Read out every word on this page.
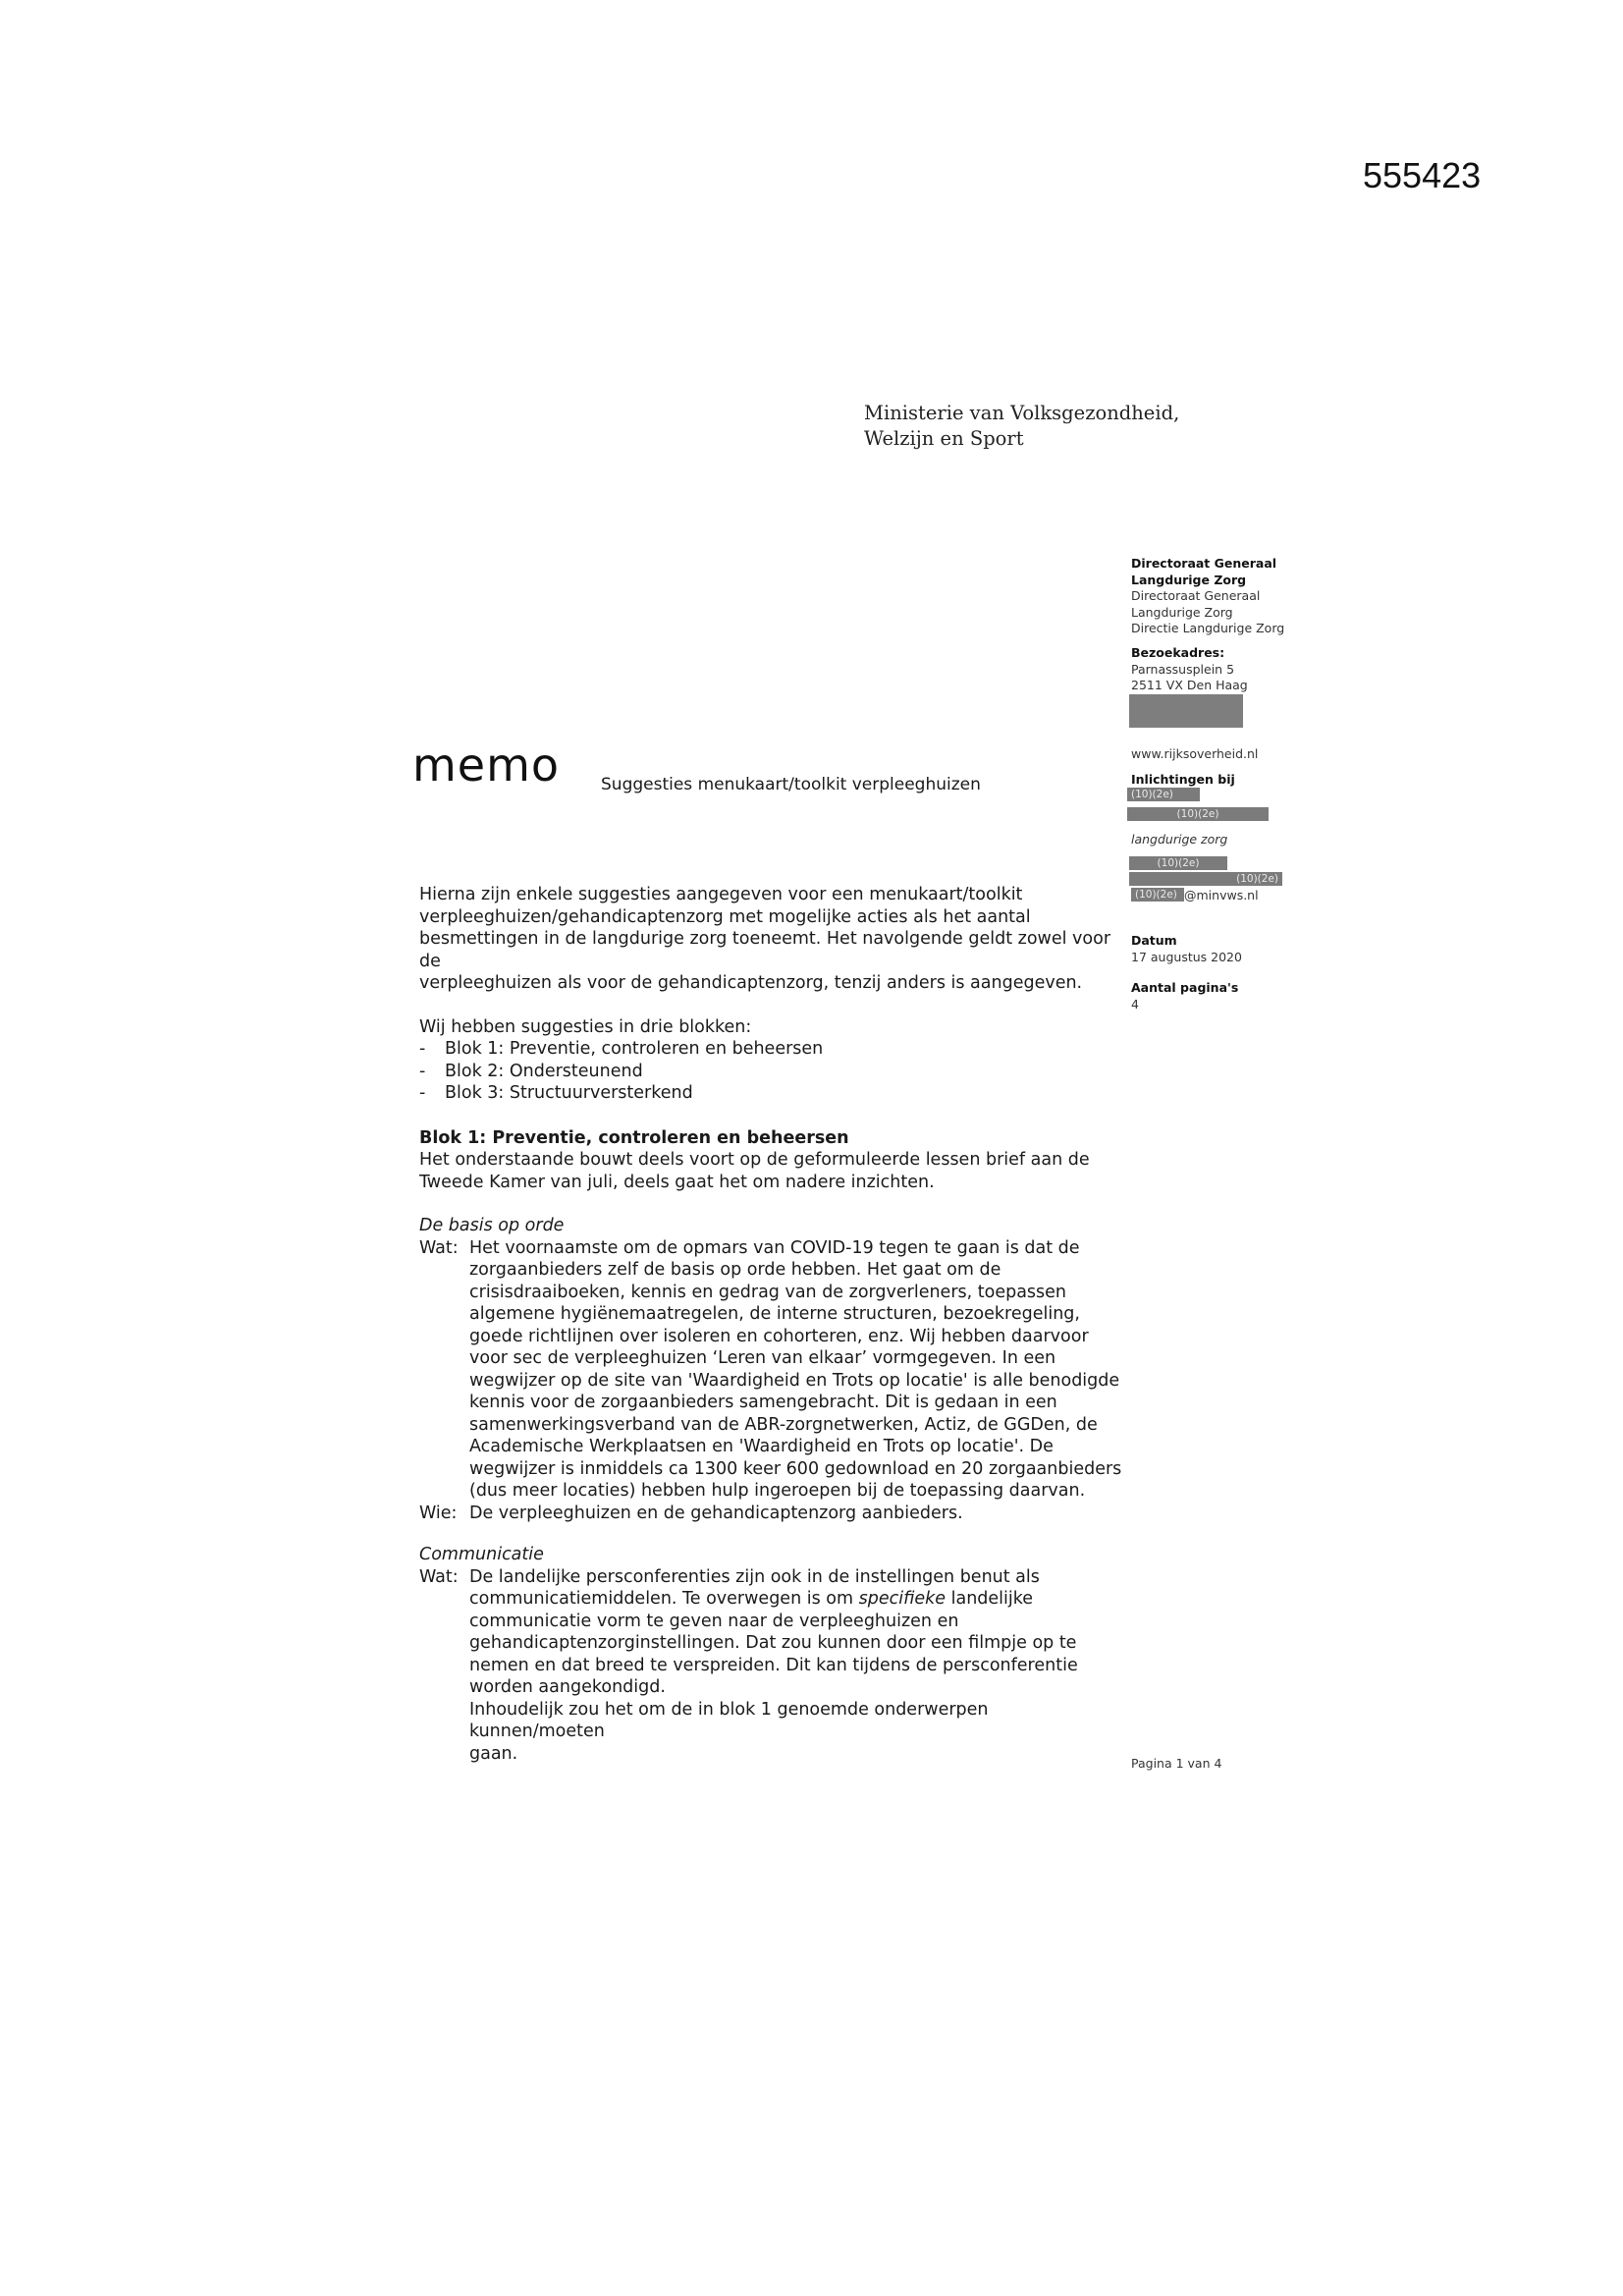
555423
Ministerie van Volksgezondheid,
Welzijn en Sport
Directoraat Generaal
Langdurige Zorg
Directoraat Generaal
Langdurige Zorg
Directie Langdurige Zorg
Bezoekadres:
Parnassusplein 5
2511 VX Den Haag
www.rijksoverheid.nl
Inlichtingen bij
(10)(2e)
(10)(2e)
langdurige zorg
(10)(2e)
(10)(2e)
(10)(2e) @minvws.nl
Datum
17 augustus 2020
Aantal pagina's
4
memo Suggesties menukaart/toolkit verpleeghuizen

Hierna zijn enkele suggesties aangegeven voor een menukaart/toolkit

verpleeghuizen/gehandicaptenzorg met mogelijke acties als het aantal

besmettingen in de langdurige zorg toeneemt. Het navolgende geldt zowel voor de

verpleeghuizen als voor de gehandicaptenzorg, tenzij anders is aangegeven.

Wij hebben suggesties in drie blokken:

- Blok 1: Preventie, controleren en beheersen

- Blok 2: Ondersteunend

- Blok 3: Structuurversterkend

Blok 1: Preventie, controleren en beheersen

Het onderstaande bouwt deels voort op de geformuleerde lessen brief aan de

Tweede Kamer van juli, deels gaat het om nadere inzichten.

De basis op orde

Wat: Het voornaamste om de opmars van COVID-19 tegen te gaan is dat de

zorgaanbieders zelf de basis op orde hebben. Het gaat om de

crisisdraaiboeken, kennis en gedrag van de zorgverleners, toepassen

algemene hygiënemaatregelen, de interne structuren, bezoekregeling,

goede richtlijnen over isoleren en cohorteren, enz. Wij hebben daarvoor

voor sec de verpleeghuizen ‘Leren van elkaar’ vormgegeven. In een

wegwijzer op de site van 'Waardigheid en Trots op locatie' is alle benodigde

kennis voor de zorgaanbieders samengebracht. Dit is gedaan in een

samenwerkingsverband van de ABR-zorgnetwerken, Actiz, de GGDen, de

Academische Werkplaatsen en 'Waardigheid en Trots op locatie'. De

wegwijzer is inmiddels ca 1300 keer 600 gedownload en 20 zorgaanbieders

(dus meer locaties) hebben hulp ingeroepen bij de toepassing daarvan.

Wie: De verpleeghuizen en de gehandicaptenzorg aanbieders.

Communicatie

Wat: De landelijke persconferenties zijn ook in de instellingen benut als

communicatiemiddelen. Te overwegen is om specifieke landelijke

communicatie vorm te geven naar de verpleeghuizen en

gehandicaptenzorginstellingen. Dat zou kunnen door een filmpje op te

nemen en dat breed te verspreiden. Dit kan tijdens de persconferentie

worden aangekondigd.

Inhoudelijk zou het om de in blok 1 genoemde onderwerpen kunnen/moeten

gaan.	Pagina 1 van 4
